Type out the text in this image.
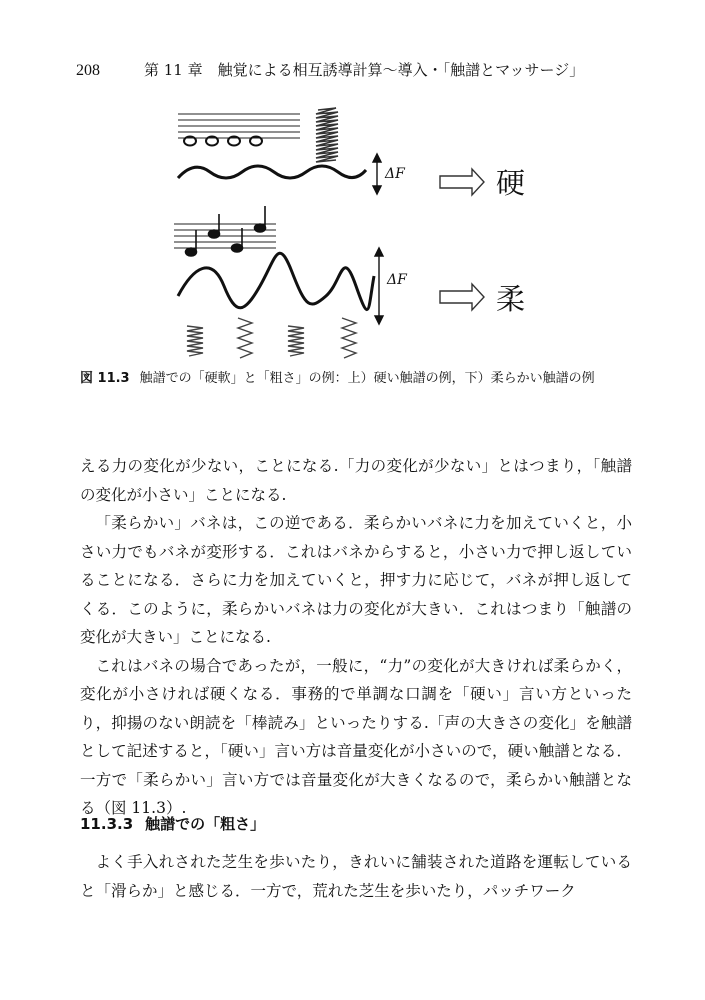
208	第 11 章　触覚による相互誘導計算〜導入・「触譜とマッサージ」
ΔF
ΔF
硬
柔
図 11.3 触譜での「硬軟」と「粗さ」の例：上）硬い触譜の例，下）柔らかい触譜の例

える力の変化が少ない，ことになる.「力の変化が少ない」とはつまり，「触譜の変化が小さい」ことになる.

「柔らかい」バネは，この逆である．柔らかいバネに力を加えていくと，小さい力でもバネが変形する．これはバネからすると，小さい力で押し返していることになる．さらに力を加えていくと，押す力に応じて，バネが押し返してくる．このように，柔らかいバネは力の変化が大きい．これはつまり「触譜の変化が大きい」ことになる.

これはバネの場合であったが，一般に，“力”の変化が大きければ柔らかく，変化が小さければ硬くなる．事務的で単調な口調を「硬い」言い方といったり，抑揚のない朗読を「棒読み」といったりする.「声の大きさの変化」を触譜として記述すると，「硬い」言い方は音量変化が小さいので，硬い触譜となる．一方で「柔らかい」言い方では音量変化が大きくなるので，柔らかい触譜となる（図 11.3）.

11.3.3 触譜での「粗さ」

よく手入れされた芝生を歩いたり，きれいに舗装された道路を運転していると「滑らか」と感じる．一方で，荒れた芝生を歩いたり，パッチワーク
